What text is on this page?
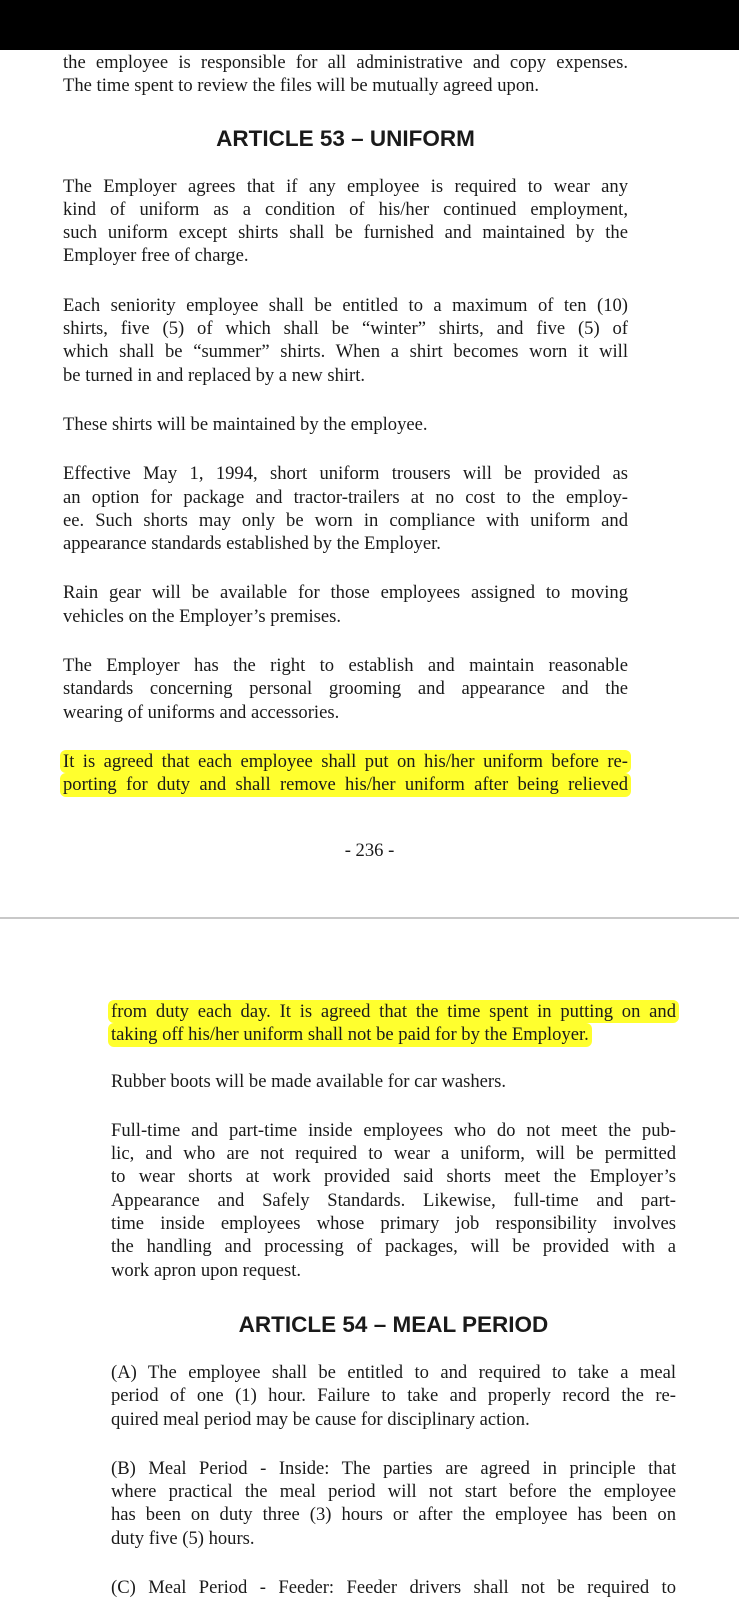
the employee is responsible for all administrative and copy expenses.
The time spent to review the files will be mutually agreed upon.

ARTICLE 53 – UNIFORM

The Employer agrees that if any employee is required to wear any
kind of uniform as a condition of his/her continued employment,
such uniform except shirts shall be furnished and maintained by the
Employer free of charge.

Each seniority employee shall be entitled to a maximum of ten (10)
shirts, five (5) of which shall be “winter” shirts, and five (5) of
which shall be “summer” shirts. When a shirt becomes worn it will
be turned in and replaced by a new shirt.

These shirts will be maintained by the employee.

Effective May 1, 1994, short uniform trousers will be provided as
an option for package and tractor-trailers at no cost to the employ-
ee. Such shorts may only be worn in compliance with uniform and
appearance standards established by the Employer.

Rain gear will be available for those employees assigned to moving
vehicles on the Employer’s premises.

The Employer has the right to establish and maintain reasonable
standards concerning personal grooming and appearance and the
wearing of uniforms and accessories.

It is agreed that each employee shall put on his/her uniform before re-
porting for duty and shall remove his/her uniform after being relieved

- 236 -

from duty each day. It is agreed that the time spent in putting on and
taking off his/her uniform shall not be paid for by the Employer.

Rubber boots will be made available for car washers.

Full-time and part-time inside employees who do not meet the pub-
lic, and who are not required to wear a uniform, will be permitted
to wear shorts at work provided said shorts meet the Employer’s
Appearance and Safely Standards. Likewise, full-time and part-
time inside employees whose primary job responsibility involves
the handling and processing of packages, will be provided with a
work apron upon request.

ARTICLE 54 – MEAL PERIOD

(A) The employee shall be entitled to and required to take a meal
period of one (1) hour. Failure to take and properly record the re-
quired meal period may be cause for disciplinary action.

(B) Meal Period - Inside: The parties are agreed in principle that
where practical the meal period will not start before the employee
has been on duty three (3) hours or after the employee has been on
duty five (5) hours.

(C) Meal Period - Feeder: Feeder drivers shall not be required to
